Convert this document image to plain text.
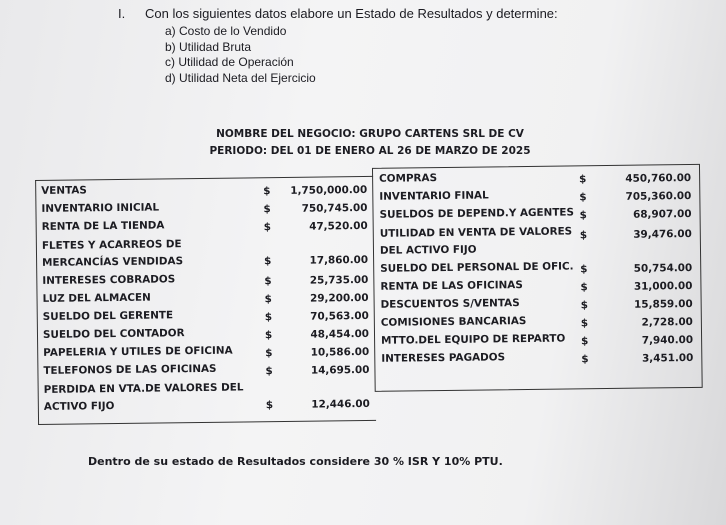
I. Con los siguientes datos elabore un Estado de Resultados y determine:
a) Costo de lo Vendido
b) Utilidad Bruta
c) Utilidad de Operación
d) Utilidad Neta del Ejercicio
NOMBRE DEL NEGOCIO: GRUPO CARTENS SRL DE CV
PERIODO: DEL 01 DE ENERO AL 26 DE MARZO DE 2025
VENTAS	$ 1,750,000.00
INVENTARIO INICIAL	$	750,745.00
RENTA DE LA TIENDA	$	47,520.00
FLETES Y ACARREOS DE
MERCANCÍAS VENDIDAS	$	17,860.00
INTERESES COBRADOS	$	25,735.00
LUZ DEL ALMACEN	$	29,200.00
SUELDO DEL GERENTE	$	70,563.00
SUELDO DEL CONTADOR	$	48,454.00
PAPELERIA Y UTILES DE OFICINA	$	10,586.00
TELEFONOS DE LAS OFICINAS	$	14,695.00
PERDIDA EN VTA.DE VALORES DEL
ACTIVO FIJO	$	12,446.00
COMPRAS	$	450,760.00
INVENTARIO FINAL	$	705,360.00
SUELDOS DE DEPEND.Y AGENTES $	68,907.00
UTILIDAD EN VENTA DE VALORES
DEL ACTIVO FIJO
$	39,476.00
SUELDO DEL PERSONAL DE OFIC. $	50,754.00
RENTA DE LAS OFICINAS	$	31,000.00
DESCUENTOS S/VENTAS	$	15,859.00
COMISIONES BANCARIAS	$	2,728.00
MTTO.DEL EQUIPO DE REPARTO $	7,940.00
INTERESES PAGADOS	$	3,451.00
Dentro de su estado de Resultados considere 30 % ISR Y 10% PTU.
